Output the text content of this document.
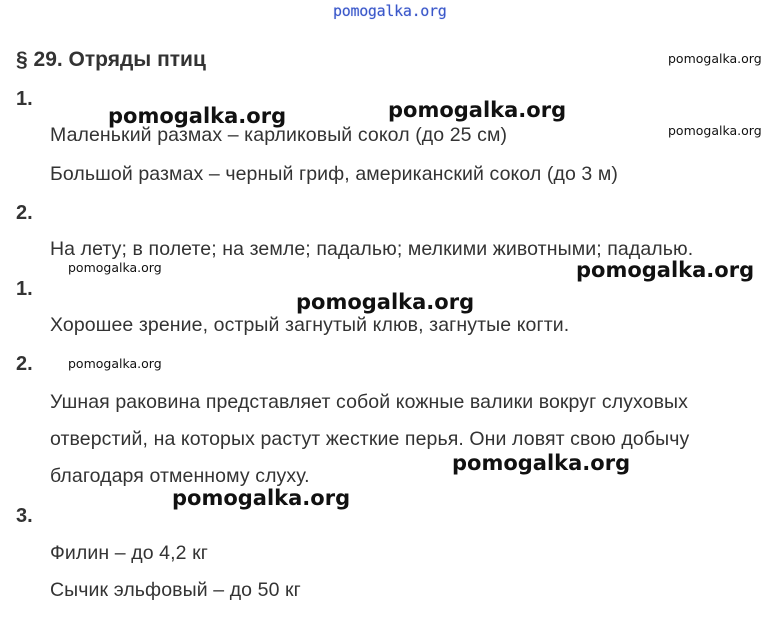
pomogalka.org
§ 29. Отряды птиц
1.
2.
1.
2.
3.
Маленький размах – карликовый сокол (до 25 см)
Большой размах – черный гриф, американский сокол (до 3 м)
На лету; в полете; на земле; падалью; мелкими животными; падалью.
Хорошее зрение, острый загнутый клюв, загнутые когти.
Ушная раковина представляет собой кожные валики вокруг слуховых
отверстий, на которых растут жесткие перья. Они ловят свою добычу
благодаря отменному слуху.
Филин – до 4,2 кг
Сычик эльфовый – до 50 кг
pomogalka.org	pomogalka.org
pomogalka.org
pomogalka.org
pomogalka.org
pomogalka.org
pomogalka.org
pomogalka.org
pomogalka.org
pomogalka.org
